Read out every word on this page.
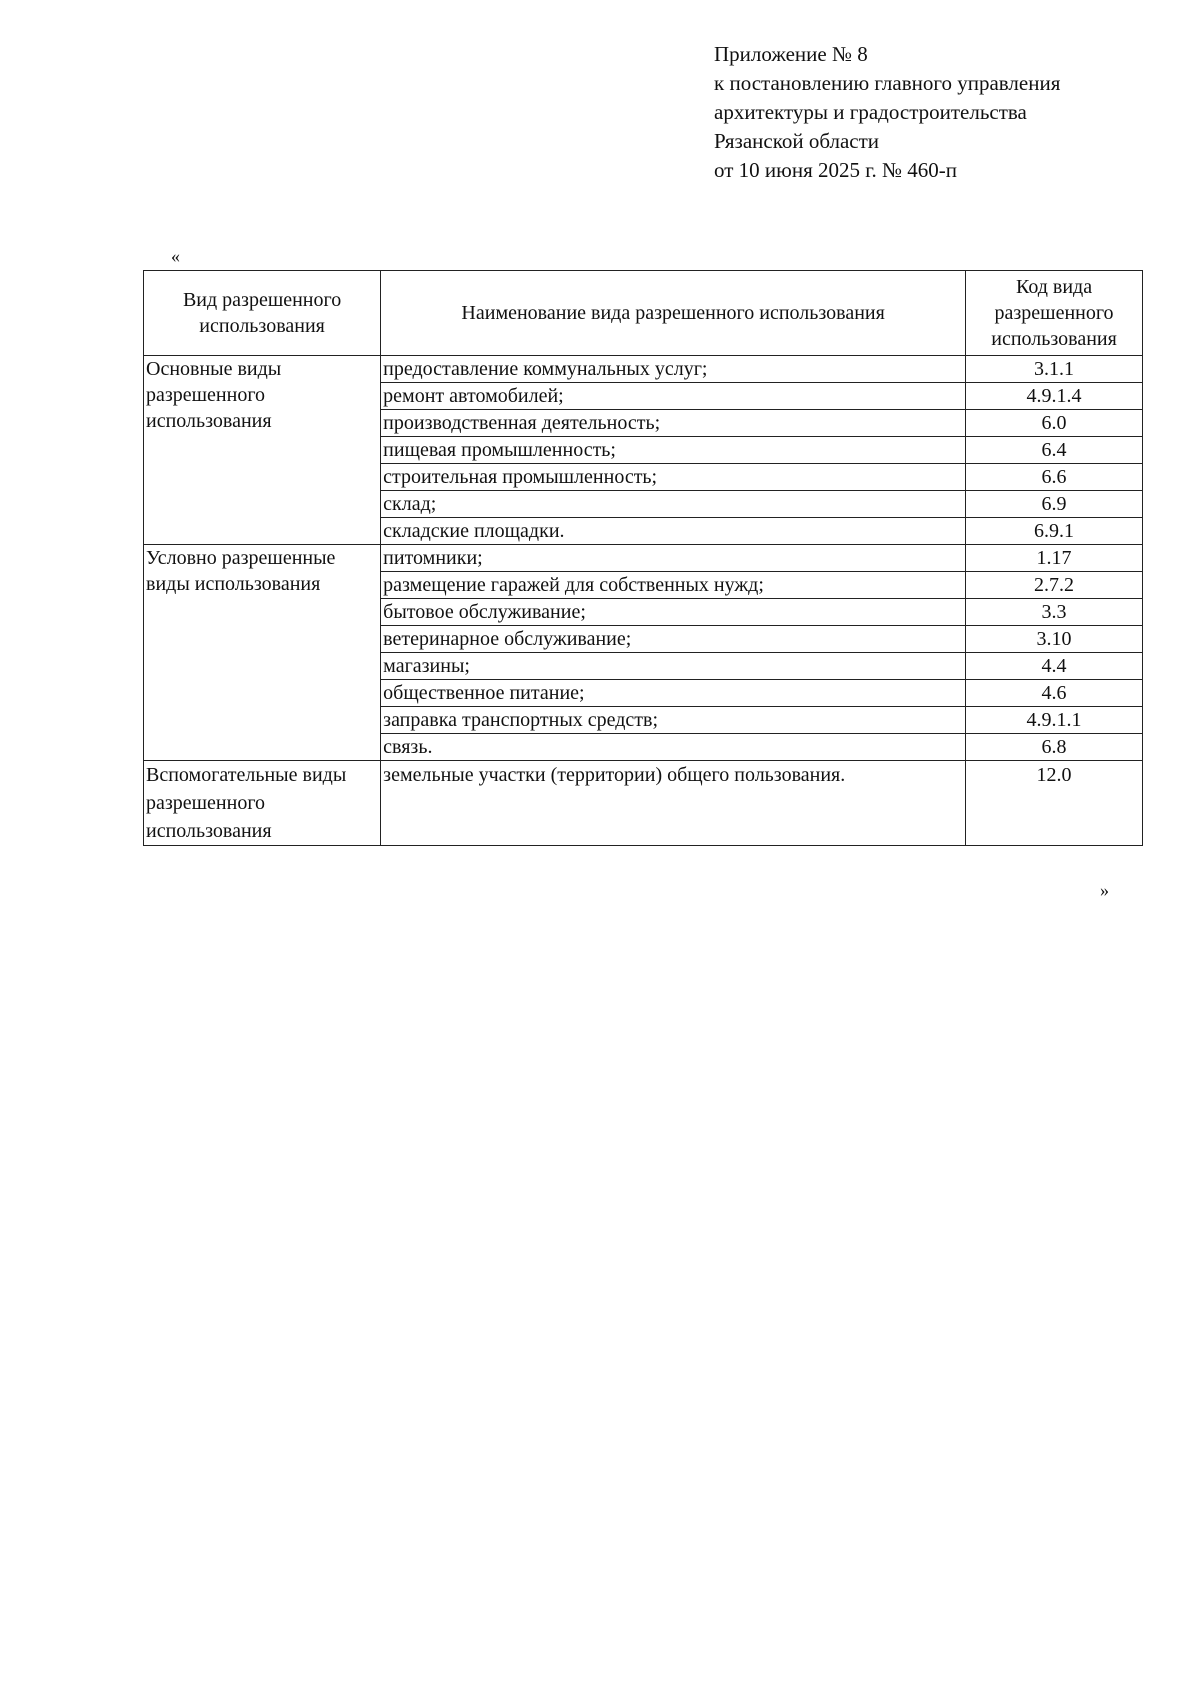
Приложение № 8
к постановлению главного управления
архитектуры и градостроительства
Рязанской области
от 10 июня 2025 г. № 460-п
«
Вид разрешенного использования	Наименование вида разрешенного использования	Код вида разрешенного использования
Основные виды разрешенного использования	предоставление коммунальных услуг;	3.1.1
	ремонт автомобилей;	4.9.1.4
	производственная деятельность;	6.0
	пищевая промышленность;	6.4
	строительная промышленность;	6.6
	склад;	6.9
	складские площадки.	6.9.1
Условно разрешенные виды использования	питомники;	1.17
	размещение гаражей для собственных нужд;	2.7.2
	бытовое обслуживание;	3.3
	ветеринарное обслуживание;	3.10
	магазины;	4.4
	общественное питание;	4.6
	заправка транспортных средств;	4.9.1.1
	связь.	6.8
Вспомогательные виды разрешенного использования	земельные участки (территории) общего пользования.	12.0
»
